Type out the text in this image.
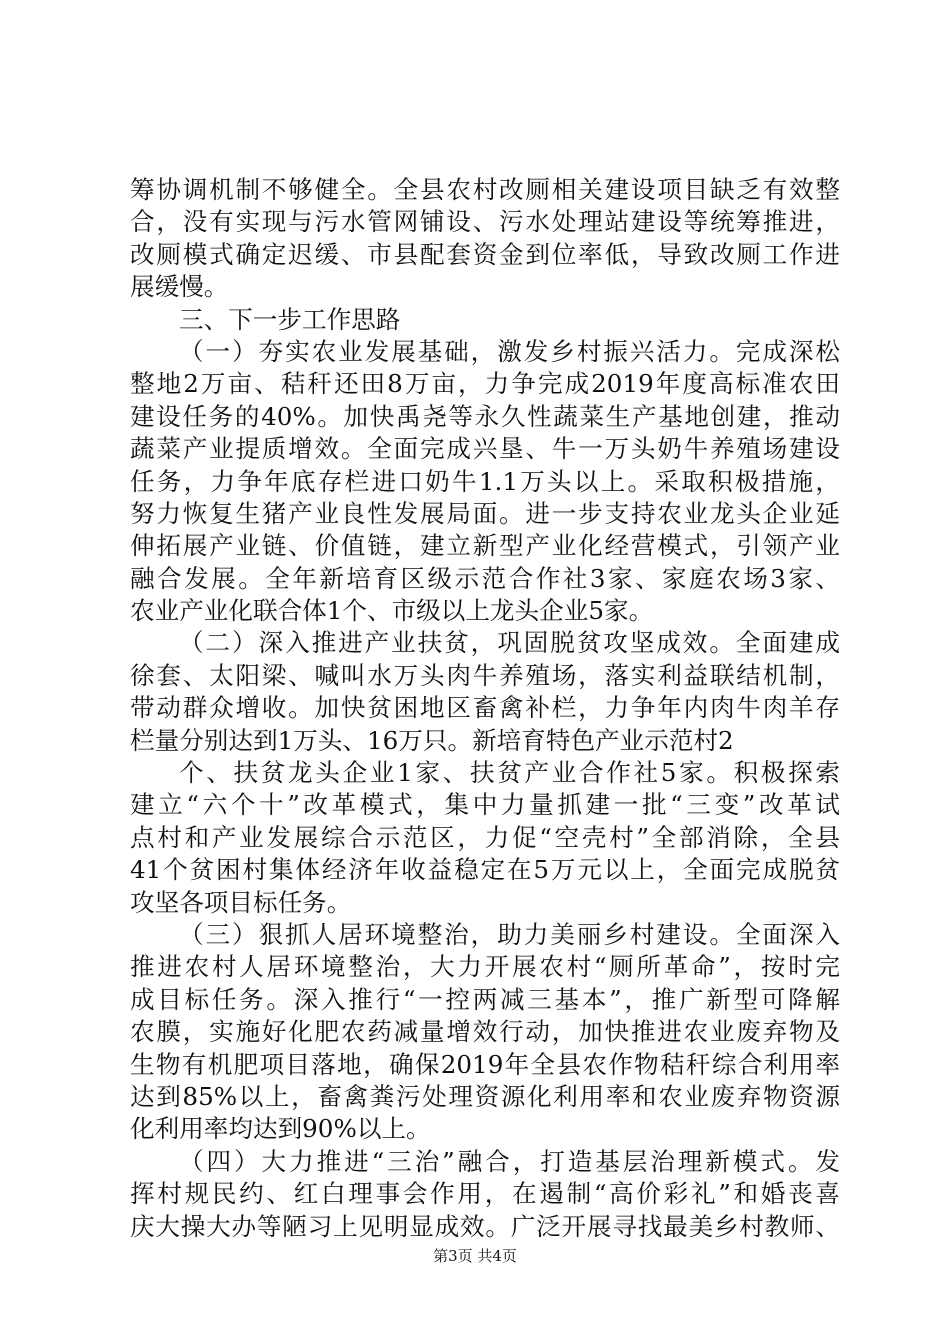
筹协调机制不够健全。全县农村改厕相关建设项目缺乏有效整
合，没有实现与污水管网铺设、污水处理站建设等统筹推进，
改厕模式确定迟缓、市县配套资金到位率低，导致改厕工作进
展缓慢。
三、下一步工作思路
（一）夯实农业发展基础，激发乡村振兴活力。完成深松
整地2万亩、秸秆还田8万亩，力争完成2019年度高标准农田
建设任务的40%。加快禹尧等永久性蔬菜生产基地创建，推动
蔬菜产业提质增效。全面完成兴垦、牛一万头奶牛养殖场建设
任务，力争年底存栏进口奶牛1.1万头以上。采取积极措施，
努力恢复生猪产业良性发展局面。进一步支持农业龙头企业延
伸拓展产业链、价值链，建立新型产业化经营模式，引领产业
融合发展。全年新培育区级示范合作社3家、家庭农场3家、
农业产业化联合体1个、市级以上龙头企业5家。
（二）深入推进产业扶贫，巩固脱贫攻坚成效。全面建成
徐套、太阳梁、喊叫水万头肉牛养殖场，落实利益联结机制，
带动群众增收。加快贫困地区畜禽补栏，力争年内肉牛肉羊存
栏量分别达到1万头、16万只。新培育特色产业示范村2
个、扶贫龙头企业1家、扶贫产业合作社5家。积极探索
建立“六个十”改革模式，集中力量抓建一批“三变”改革试
点村和产业发展综合示范区，力促“空壳村”全部消除，全县
41个贫困村集体经济年收益稳定在5万元以上，全面完成脱贫
攻坚各项目标任务。
（三）狠抓人居环境整治，助力美丽乡村建设。全面深入
推进农村人居环境整治，大力开展农村“厕所革命”，按时完
成目标任务。深入推行“一控两减三基本”，推广新型可降解
农膜，实施好化肥农药减量增效行动，加快推进农业废弃物及
生物有机肥项目落地，确保2019年全县农作物秸秆综合利用率
达到85%以上，畜禽粪污处理资源化利用率和农业废弃物资源
化利用率均达到90%以上。
（四）大力推进“三治”融合，打造基层治理新模式。发
挥村规民约、红白理事会作用，在遏制“高价彩礼”和婚丧喜
庆大操大办等陋习上见明显成效。广泛开展寻找最美乡村教师、
第3页 共4页
